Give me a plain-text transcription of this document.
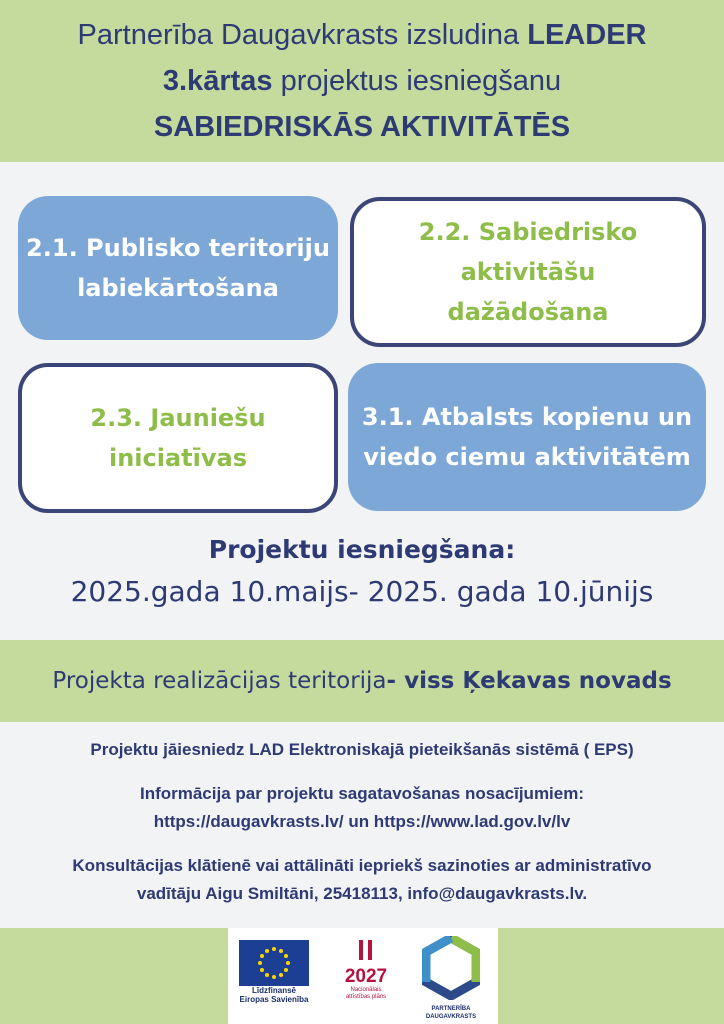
Partnerība Daugavkrasts izsludina LEADER
3.kārtas projektus iesniegšanu
SABIEDRISKĀS AKTIVITĀTĒS
2.1. Publisko teritoriju
labiekārtošana
2.2. Sabiedrisko aktivitāšu
dažādošana
2.3. Jauniešu
iniciatīvas
3.1. Atbalsts kopienu un
viedo ciemu aktivitātēm
Projektu iesniegšana:
2025.gada 10.maijs- 2025. gada 10.jūnijs
Projekta realizācijas teritorija - viss Ķekavas novads

Projektu jāiesniedz LAD Elektroniskajā pieteikšanās sistēmā ( EPS)

Informācija par projektu sagatavošanas nosacījumiem:

https://daugavkrasts.lv/ un https://www.lad.gov.lv/lv

Konsultācijas klātienē vai attālināti iepriekš sazinoties ar administratīvo

vadītāju Aigu Smiltāni, 25418113, info@daugavkrasts.lv.

Līdzfinansē
Eiropas Savienība
2027
Nacionālais
attīstības plāns
PARTNERĪBA DAUGAVKRASTS
